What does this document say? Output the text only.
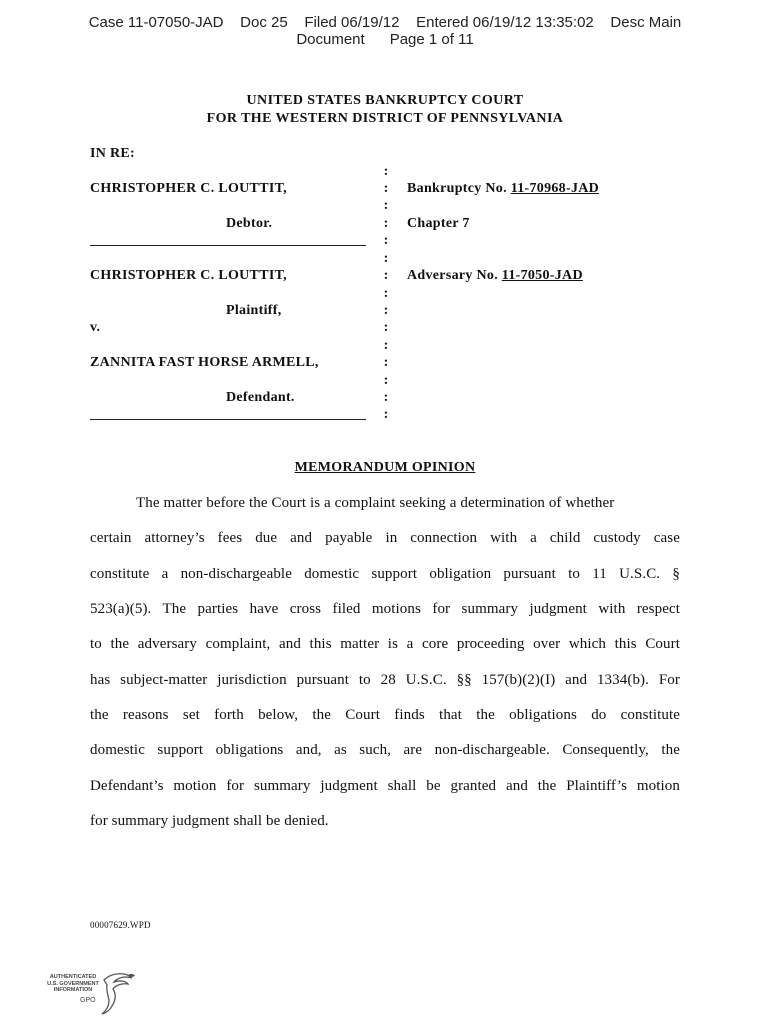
Case 11-07050-JAD    Doc 25    Filed 06/19/12    Entered 06/19/12 13:35:02    Desc Main
Document      Page 1 of 11
UNITED STATES BANKRUPTCY COURT
FOR THE WESTERN DISTRICT OF PENNSYLVANIA
IN RE:
CHRISTOPHER C. LOUTTIT,
Debtor.
CHRISTOPHER C. LOUTTIT,
Plaintiff,
v.
ZANNITA FAST HORSE ARMELL,
Defendant.
:
:
:
:
:
:
:
:
:
:
:
:
:
:
:
Bankruptcy No. 11-70968-JAD
Chapter 7
Adversary No. 11-7050-JAD
MEMORANDUM OPINION
The matter before the Court is a complaint seeking a determination of whether
certain attorney’s fees due and payable in connection with a child custody case
constitute a non-dischargeable domestic support obligation pursuant to 11 U.S.C. §
523(a)(5). The parties have cross filed motions for summary judgment with respect
to the adversary complaint, and this matter is a core proceeding over which this Court
has subject-matter jurisdiction pursuant to 28 U.S.C. §§ 157(b)(2)(I) and 1334(b). For
the reasons set forth below, the Court finds that the obligations do constitute
domestic support obligations and, as such, are non-dischargeable. Consequently, the
Defendant’s motion for summary judgment shall be granted and the Plaintiff’s motion
for summary judgment shall be denied.
00007629.WPD
AUTHENTICATED
U.S. GOVERNMENT
INFORMATION
GPO
